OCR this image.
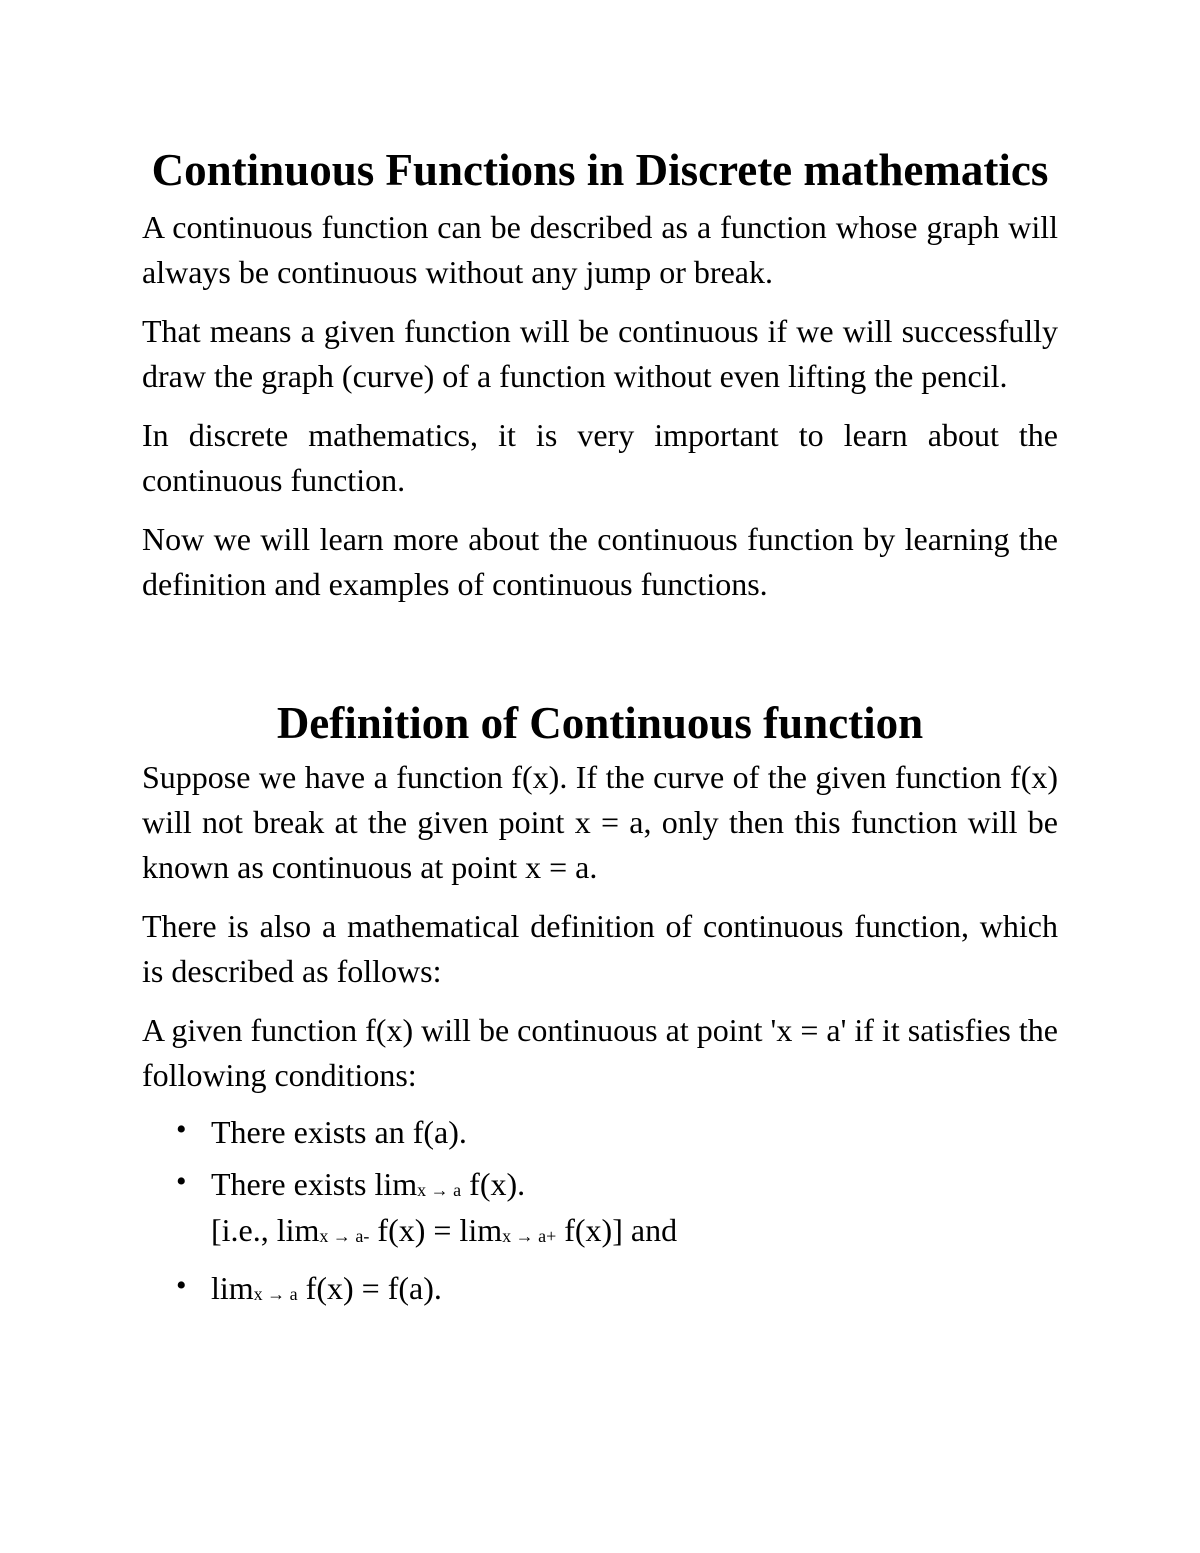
Continuous Functions in Discrete mathematics

A continuous function can be described as a function whose graph will always be continuous without any jump or break.

That means a given function will be continuous if we will successfully draw the graph (curve) of a function without even lifting the pencil.

In discrete mathematics, it is very important to learn about the continuous function.

Now we will learn more about the continuous function by learning the definition and examples of continuous functions.

Definition of Continuous function

Suppose we have a function f(x). If the curve of the given function f(x) will not break at the given point x = a, only then this function will be known as continuous at point x = a.

There is also a mathematical definition of continuous function, which is described as follows:

A given function f(x) will be continuous at point 'x = a' if it satisfies the following conditions:

• There exists an f(a).
• There exists limx → a f(x).
[i.e., limx → a- f(x) = limx → a+ f(x)] and
• limx → a f(x) = f(a).
